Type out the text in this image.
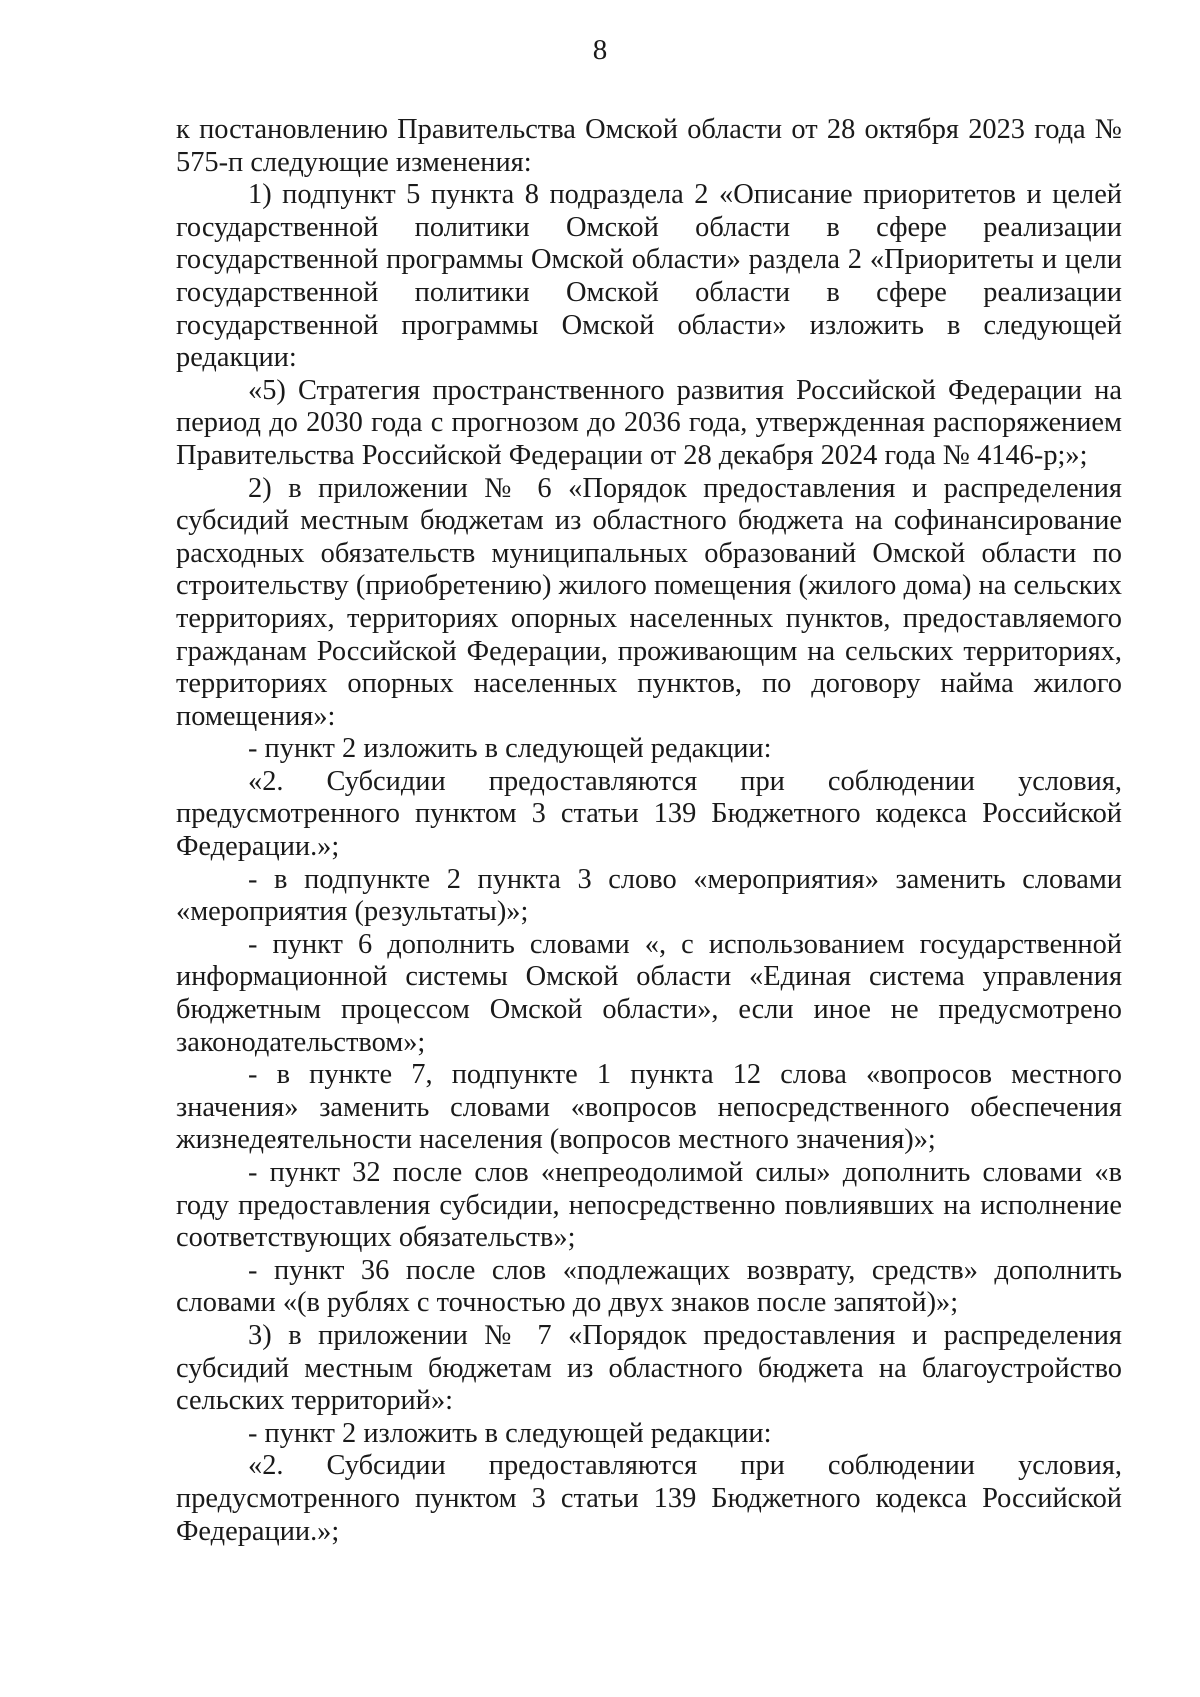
8

к постановлению Правительства Омской области от 28 октября 2023 года № 575-п следующие изменения:

1) подпункт 5 пункта 8 подраздела 2 «Описание приоритетов и целей государственной политики Омской области в сфере реализации государственной программы Омской области» раздела 2 «Приоритеты и цели государственной политики Омской области в сфере реализации государственной программы Омской области» изложить в следующей редакции:

«5) Стратегия пространственного развития Российской Федерации на период до 2030 года с прогнозом до 2036 года, утвержденная распоряжением Правительства Российской Федерации от 28 декабря 2024 года № 4146-р;»;

2) в приложении № 6 «Порядок предоставления и распределения субсидий местным бюджетам из областного бюджета на софинансирование расходных обязательств муниципальных образований Омской области по строительству (приобретению) жилого помещения (жилого дома) на сельских территориях, территориях опорных населенных пунктов, предоставляемого гражданам Российской Федерации, проживающим на сельских территориях, территориях опорных населенных пунктов, по договору найма жилого помещения»:

- пункт 2 изложить в следующей редакции:

«2. Субсидии предоставляются при соблюдении условия, предусмотренного пунктом 3 статьи 139 Бюджетного кодекса Российской Федерации.»;

- в подпункте 2 пункта 3 слово «мероприятия» заменить словами «мероприятия (результаты)»;

- пункт 6 дополнить словами «, с использованием государственной информационной системы Омской области «Единая система управления бюджетным процессом Омской области», если иное не предусмотрено законодательством»;

- в пункте 7, подпункте 1 пункта 12 слова «вопросов местного значения» заменить словами «вопросов непосредственного обеспечения жизнедеятельности населения (вопросов местного значения)»;

- пункт 32 после слов «непреодолимой силы» дополнить словами «в году предоставления субсидии, непосредственно повлиявших на исполнение соответствующих обязательств»;

- пункт 36 после слов «подлежащих возврату, средств» дополнить словами «(в рублях с точностью до двух знаков после запятой)»;

3) в приложении № 7 «Порядок предоставления и распределения субсидий местным бюджетам из областного бюджета на благоустройство сельских территорий»:

- пункт 2 изложить в следующей редакции:

«2. Субсидии предоставляются при соблюдении условия, предусмотренного пунктом 3 статьи 139 Бюджетного кодекса Российской Федерации.»;
